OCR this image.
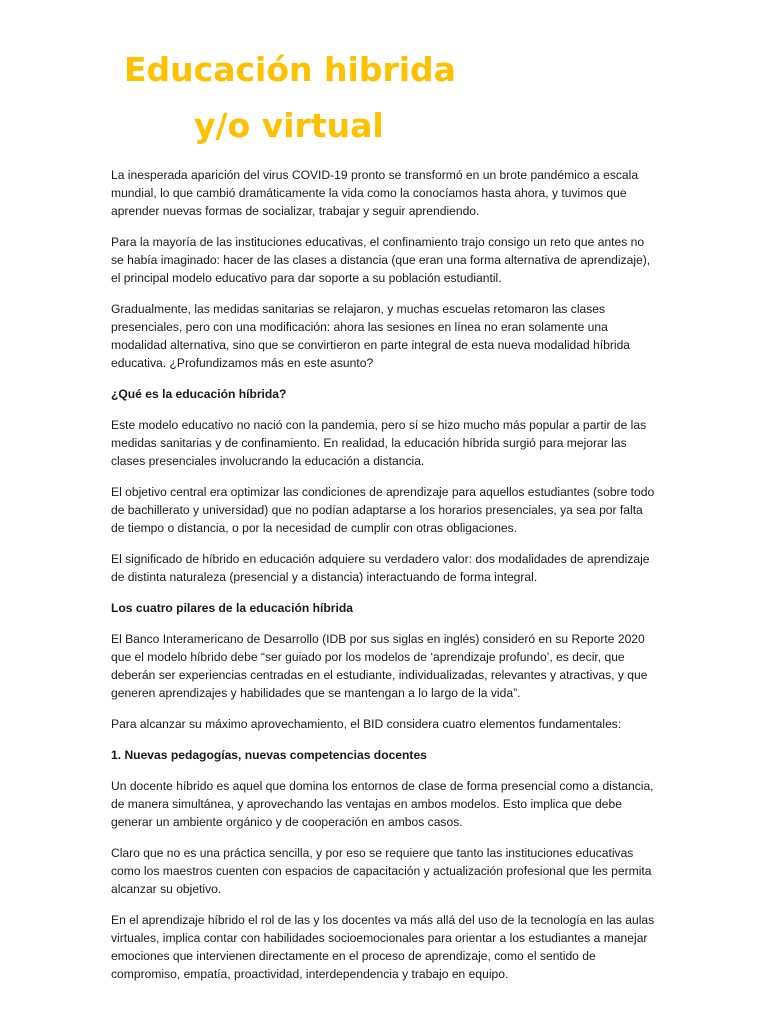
Educación hibrida
y/o virtual

La inesperada aparición del virus COVID-19 pronto se transformó en un brote pandémico a escala mundial, lo que cambió dramáticamente la vida como la conocíamos hasta ahora, y tuvimos que aprender nuevas formas de socializar, trabajar y seguir aprendiendo.

Para la mayoría de las instituciones educativas, el confinamiento trajo consigo un reto que antes no se había imaginado: hacer de las clases a distancia (que eran una forma alternativa de aprendizaje), el principal modelo educativo para dar soporte a su población estudiantil.

Gradualmente, las medidas sanitarias se relajaron, y muchas escuelas retomaron las clases presenciales, pero con una modificación: ahora las sesiones en línea no eran solamente una modalidad alternativa, sino que se convirtieron en parte integral de esta nueva modalidad híbrida educativa. ¿Profundizamos más en este asunto?

¿Qué es la educación híbrida?

Este modelo educativo no nació con la pandemia, pero sí se hizo mucho más popular a partir de las medidas sanitarias y de confinamiento. En realidad, la educación híbrida surgió para mejorar las clases presenciales involucrando la educación a distancia.

El objetivo central era optimizar las condiciones de aprendizaje para aquellos estudiantes (sobre todo de bachillerato y universidad) que no podían adaptarse a los horarios presenciales, ya sea por falta de tiempo o distancia, o por la necesidad de cumplir con otras obligaciones.

El significado de híbrido en educación adquiere su verdadero valor: dos modalidades de aprendizaje de distinta naturaleza (presencial y a distancia) interactuando de forma integral.

Los cuatro pilares de la educación híbrida

El Banco Interamericano de Desarrollo (IDB por sus siglas en inglés) consideró en su Reporte 2020 que el modelo híbrido debe “ser guiado por los modelos de ‘aprendizaje profundo’, es decir, que deberán ser experiencias centradas en el estudiante, individualizadas, relevantes y atractivas, y que generen aprendizajes y habilidades que se mantengan a lo largo de la vida”.

Para alcanzar su máximo aprovechamiento, el BID considera cuatro elementos fundamentales:

1. Nuevas pedagogías, nuevas competencias docentes

Un docente híbrido es aquel que domina los entornos de clase de forma presencial como a distancia, de manera simultánea, y aprovechando las ventajas en ambos modelos. Esto implica que debe generar un ambiente orgánico y de cooperación en ambos casos.

Claro que no es una práctica sencilla, y por eso se requiere que tanto las instituciones educativas como los maestros cuenten con espacios de capacitación y actualización profesional que les permita alcanzar su objetivo.

En el aprendizaje híbrido el rol de las y los docentes va más allá del uso de la tecnología en las aulas virtuales, implica contar con habilidades socioemocionales para orientar a los estudiantes a manejar emociones que intervienen directamente en el proceso de aprendizaje, como el sentido de compromiso, empatía, proactividad, interdependencia y trabajo en equipo.
